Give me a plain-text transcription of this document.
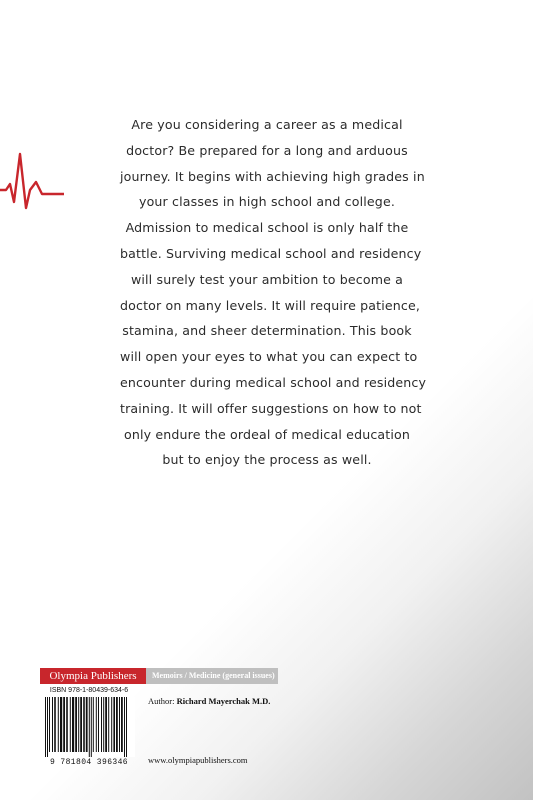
Are you considering a career as a medical
doctor? Be prepared for a long and arduous
journey. It begins with achieving high grades in
your classes in high school and college.
Admission to medical school is only half the
battle. Surviving medical school and residency
will surely test your ambition to become a
doctor on many levels. It will require patience,
stamina, and sheer determination. This book
will open your eyes to what you can expect to
encounter during medical school and residency
training. It will offer suggestions on how to not
only endure the ordeal of medical education
but to enjoy the process as well.

Olympia Publishers	Memoirs / Medicine (general issues)
ISBN 978-1-80439-634-6
9 781804 396346
Author: Richard Mayerchak M.D.
www.olympiapublishers.com
